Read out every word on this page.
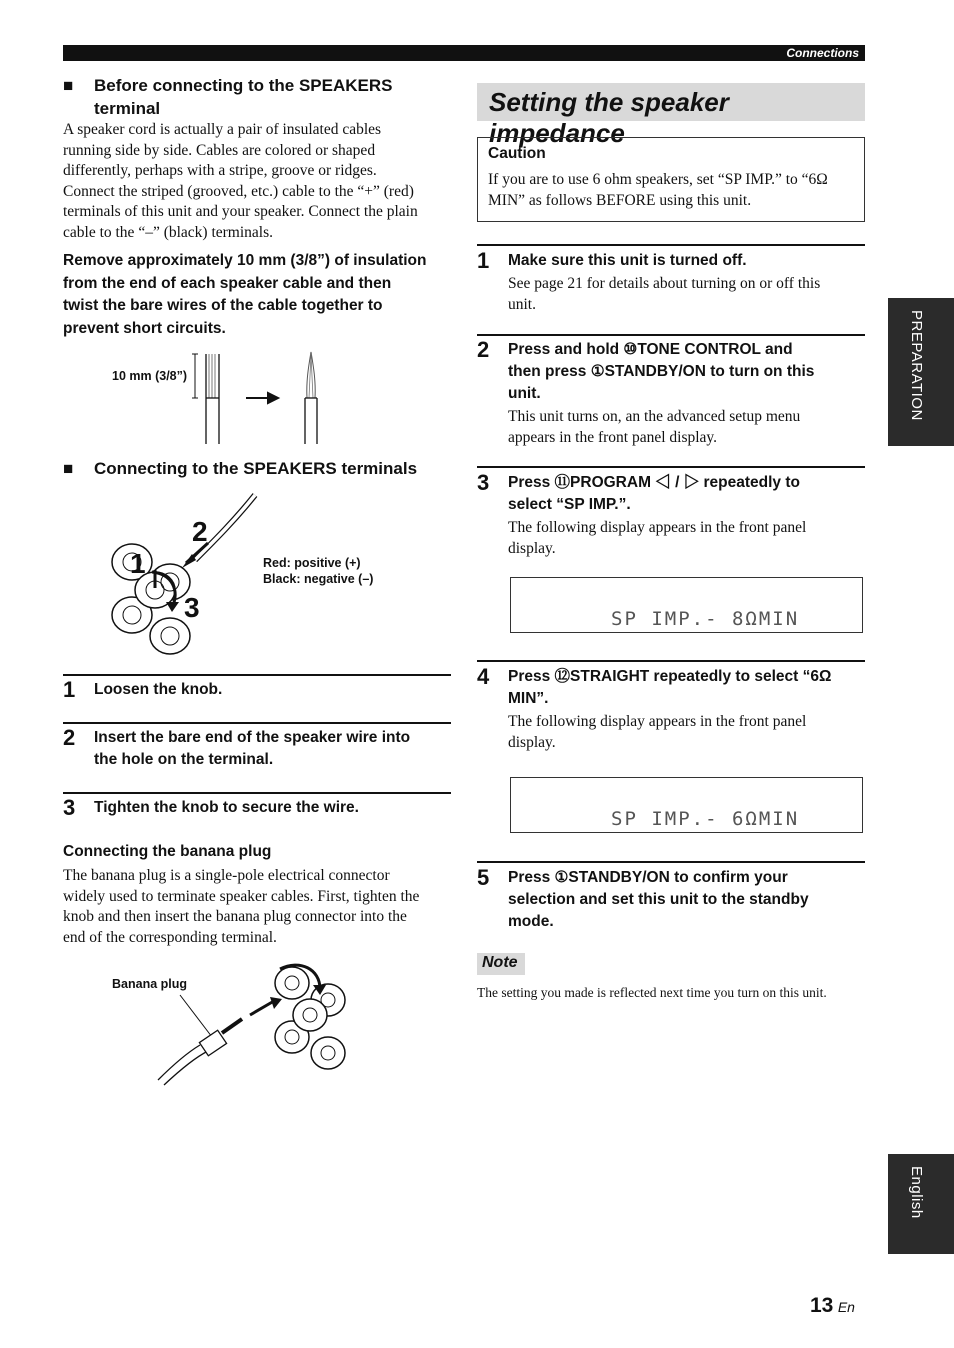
Connections
■ Before connecting to the SPEAKERS
terminal
A speaker cord is actually a pair of insulated cables
running side by side. Cables are colored or shaped
differently, perhaps with a stripe, groove or ridges.
Connect the striped (grooved, etc.) cable to the “+” (red)
terminals of this unit and your speaker. Connect the plain
cable to the “–” (black) terminals.
Remove approximately 10 mm (3/8”) of insulation
from the end of each speaker cable and then
twist the bare wires of the cable together to
prevent short circuits.
10 mm (3/8”)
■	Connecting to the SPEAKERS terminals
1
2
3
Red: positive (+)
Black: negative (–)
1 Loosen the knob.
2 Insert the bare end of the speaker wire into
the hole on the terminal.
3 Tighten the knob to secure the wire.
Connecting the banana plug
The banana plug is a single-pole electrical connector
widely used to terminate speaker cables. First, tighten the
knob and then insert the banana plug connector into the
end of the corresponding terminal.
Banana plug
Setting the speaker impedance
Caution
If you are to use 6 ohm speakers, set “SP IMP.” to “6Ω
MIN” as follows BEFORE using this unit.
1 Make sure this unit is turned off.
See page 21 for details about turning on or off this
unit.
2 Press and hold ⑩TONE CONTROL and
then press ①STANDBY/ON to turn on this
unit.
This unit turns on, an the advanced setup menu
appears in the front panel display.
3 Press ⑪PROGRAM ◁ / ▷ repeatedly to
select “SP IMP.”.
The following display appears in the front panel
display.
SP IMP.- 8ΩMIN
4 Press ⑫STRAIGHT repeatedly to select “6Ω
MIN”.
The following display appears in the front panel
display.
SP IMP.- 6ΩMIN
5 Press ①STANDBY/ON to confirm your
selection and set this unit to the standby
mode.
Note
The setting you made is reflected next time you turn on this unit.
PREPARATION
English
13 En
